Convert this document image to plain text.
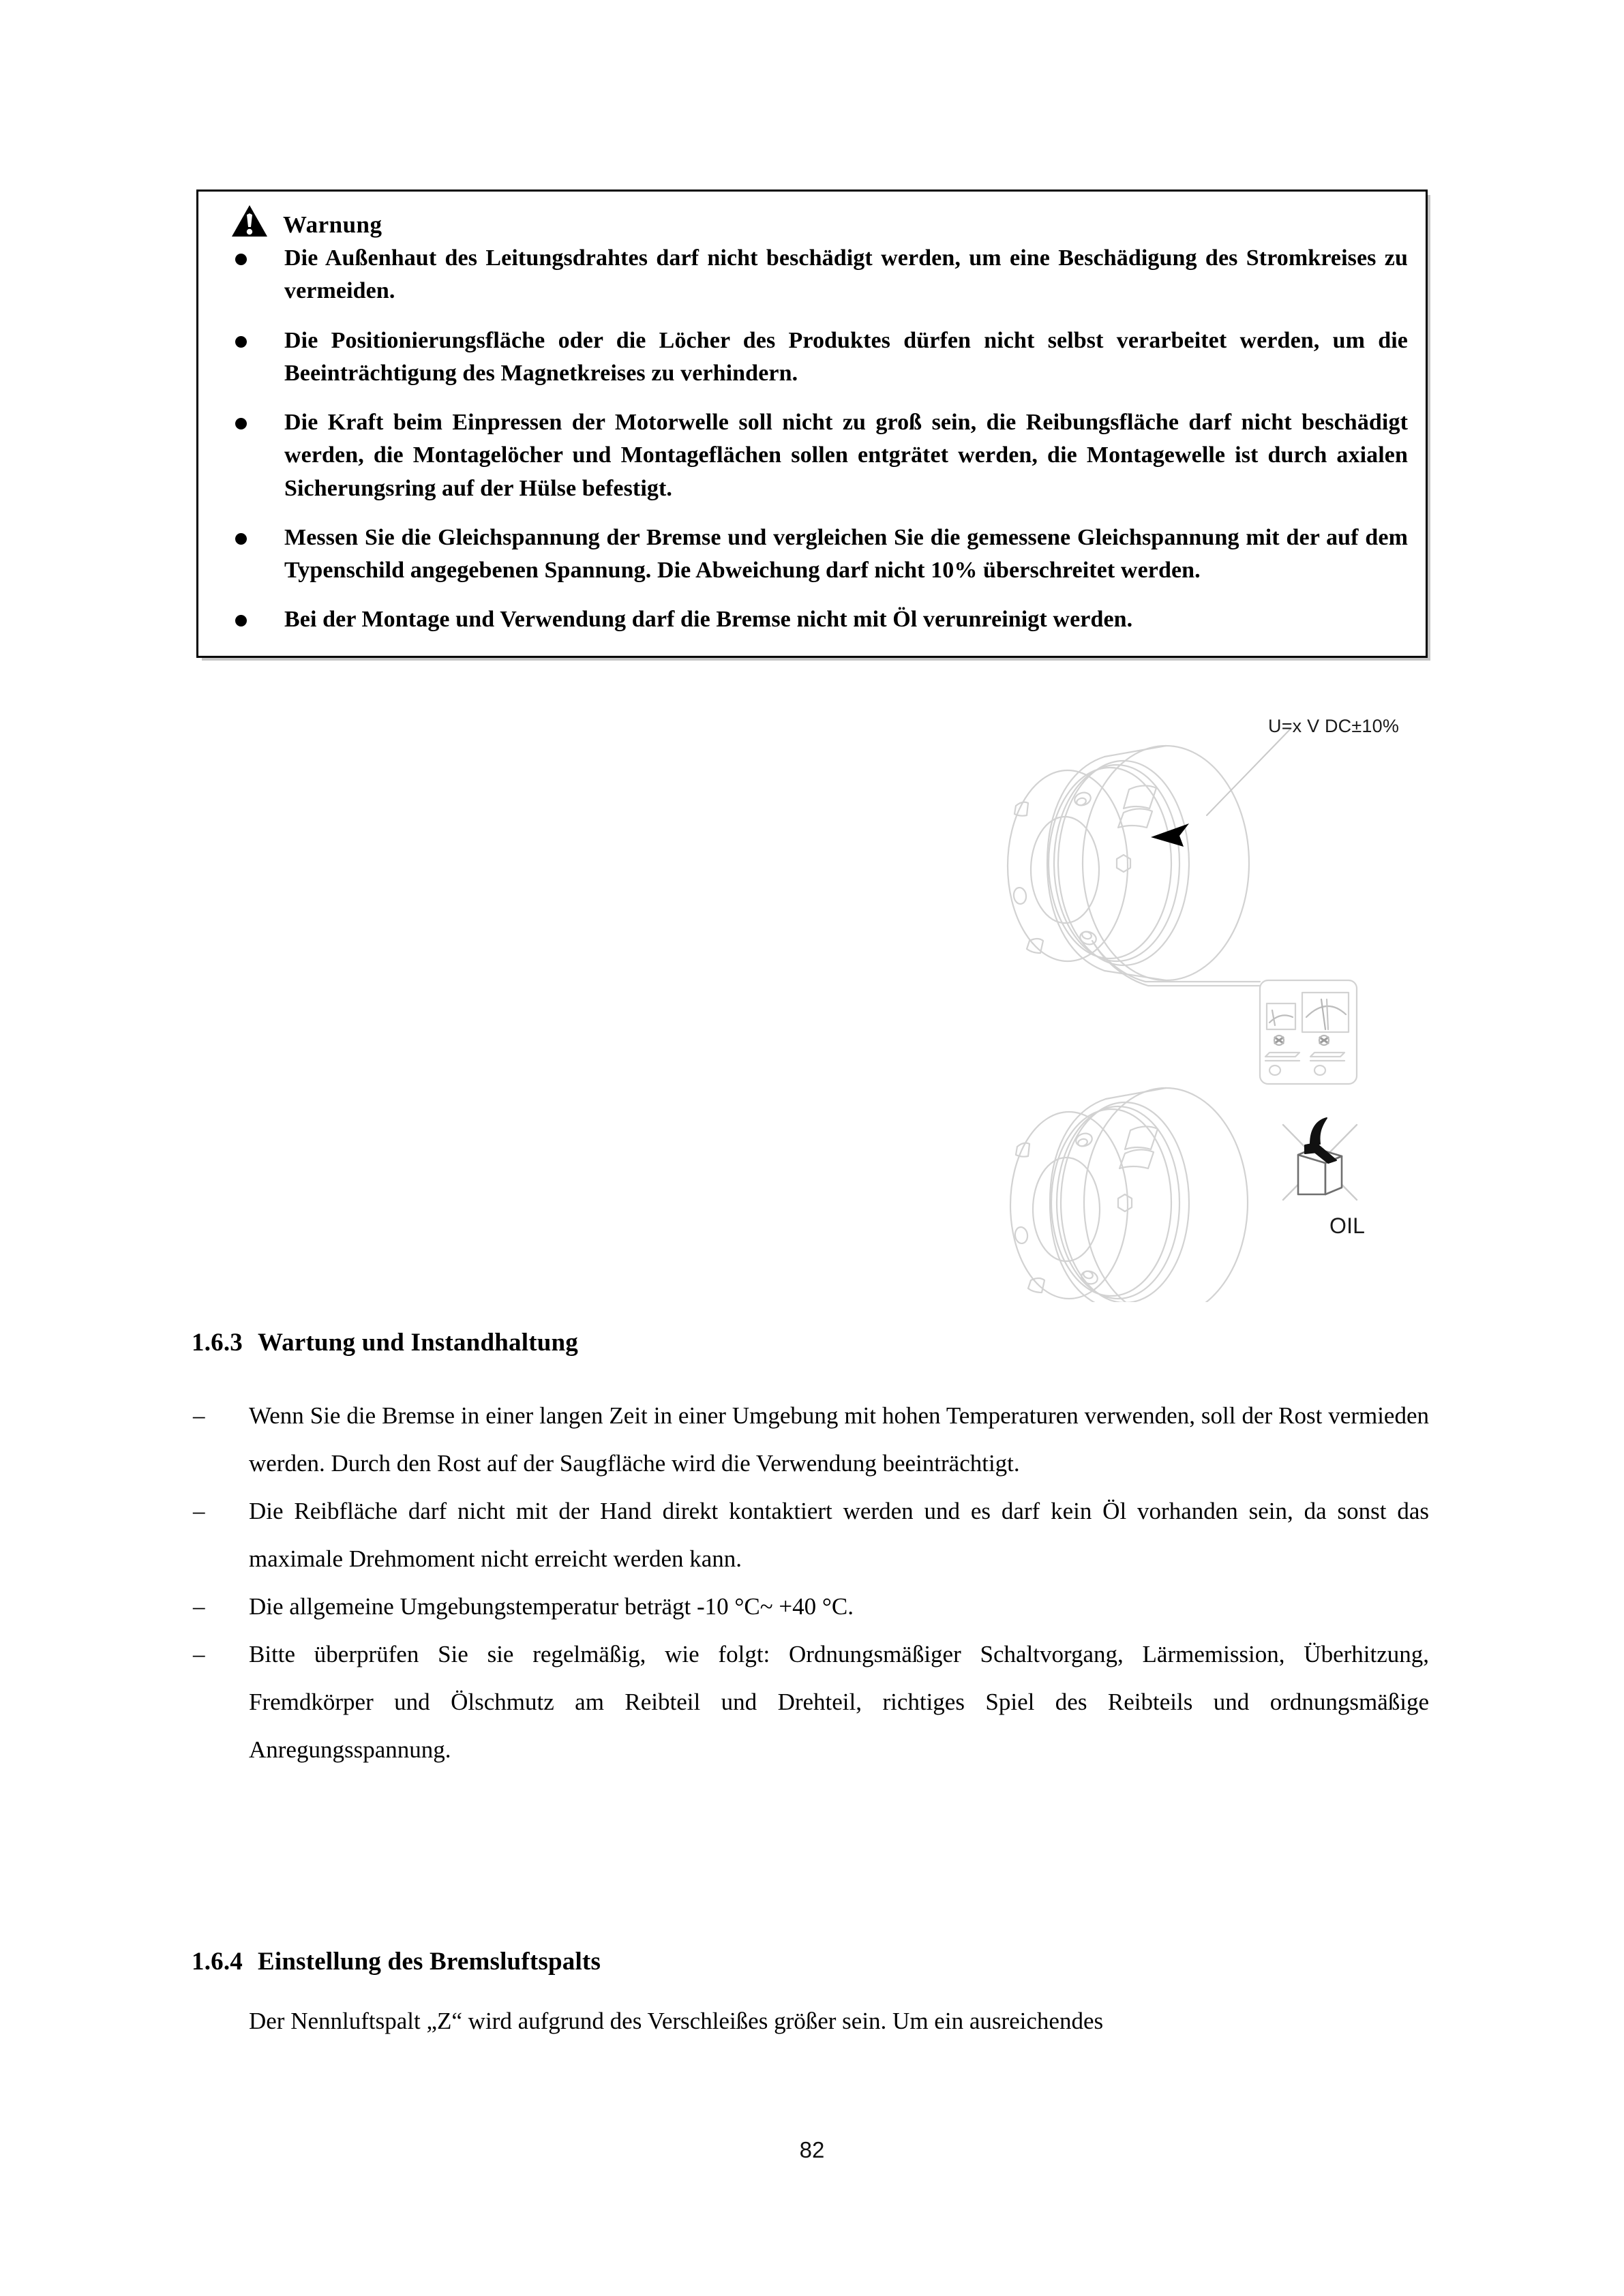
Warnung
Die Außenhaut des Leitungsdrahtes darf nicht beschädigt werden, um eine Beschädigung des Stromkreises zu vermeiden.
Die Positionierungsfläche oder die Löcher des Produktes dürfen nicht selbst verarbeitet werden, um die Beeinträchtigung des Magnetkreises zu verhindern.
Die Kraft beim Einpressen der Motorwelle soll nicht zu groß sein, die Reibungsfläche darf nicht beschädigt werden, die Montagelöcher und Montageflächen sollen entgrätet werden, die Montagewelle ist durch axialen Sicherungsring auf der Hülse befestigt.
Messen Sie die Gleichspannung der Bremse und vergleichen Sie die gemessene Gleichspannung mit der auf dem Typenschild angegebenen Spannung. Die Abweichung darf nicht 10% überschreitet werden.
Bei der Montage und Verwendung darf die Bremse nicht mit Öl verunreinigt werden.
U=x V DC±10%
OIL
1.6.3 Wartung und Instandhaltung
– Wenn Sie die Bremse in einer langen Zeit in einer Umgebung mit hohen Temperaturen verwenden, soll der Rost vermieden werden. Durch den Rost auf der Saugfläche wird die Verwendung beeinträchtigt.
– Die Reibfläche darf nicht mit der Hand direkt kontaktiert werden und es darf kein Öl vorhanden sein, da sonst das maximale Drehmoment nicht erreicht werden kann.
– Die allgemeine Umgebungstemperatur beträgt -10 °C~ +40 °C.
– Bitte überprüfen Sie sie regelmäßig, wie folgt: Ordnungsmäßiger Schaltvorgang, Lärmemission, Überhitzung, Fremdkörper und Ölschmutz am Reibteil und Drehteil, richtiges Spiel des Reibteils und ordnungsmäßige Anregungsspannung.
1.6.4 Einstellung des Bremsluftspalts
Der Nennluftspalt „Z“ wird aufgrund des Verschleißes größer sein. Um ein ausreichendes
82
